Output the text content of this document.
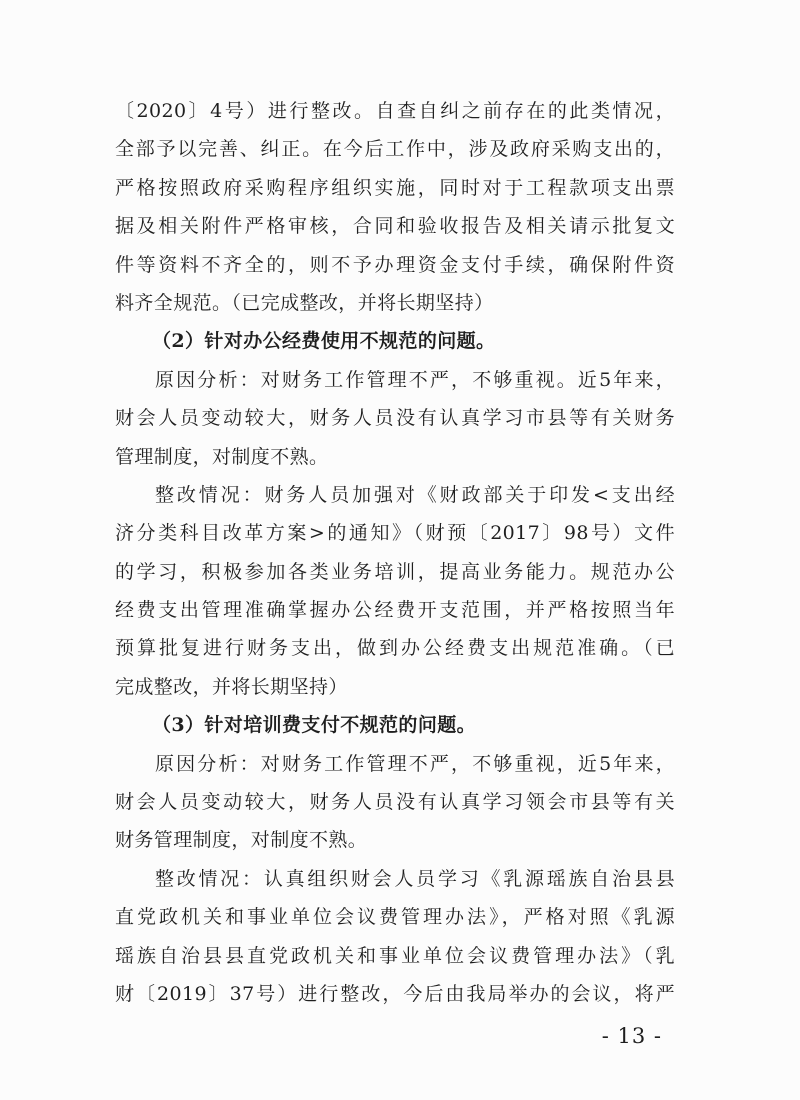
〔2020〕4号）进行整改。自查自纠之前存在的此类情况，
全部予以完善、纠正。在今后工作中，涉及政府采购支出的，
严格按照政府采购程序组织实施，同时对于工程款项支出票
据及相关附件严格审核，合同和验收报告及相关请示批复文
件等资料不齐全的，则不予办理资金支付手续，确保附件资
料齐全规范。（已完成整改，并将长期坚持）
（2）针对办公经费使用不规范的问题。
原因分析：对财务工作管理不严，不够重视。近5年来，
财会人员变动较大，财务人员没有认真学习市县等有关财务
管理制度，对制度不熟。
整改情况：财务人员加强对《财政部关于印发<支出经
济分类科目改革方案>的通知》（财预〔2017〕98号）文件
的学习，积极参加各类业务培训，提高业务能力。规范办公
经费支出管理准确掌握办公经费开支范围，并严格按照当年
预算批复进行财务支出，做到办公经费支出规范准确。（已
完成整改，并将长期坚持）
（3）针对培训费支付不规范的问题。
原因分析：对财务工作管理不严，不够重视，近5年来，
财会人员变动较大，财务人员没有认真学习领会市县等有关
财务管理制度，对制度不熟。
整改情况：认真组织财会人员学习《乳源瑶族自治县县
直党政机关和事业单位会议费管理办法》，严格对照《乳源
瑶族自治县县直党政机关和事业单位会议费管理办法》（乳
财〔2019〕37号）进行整改，今后由我局举办的会议，将严
- 13 -
